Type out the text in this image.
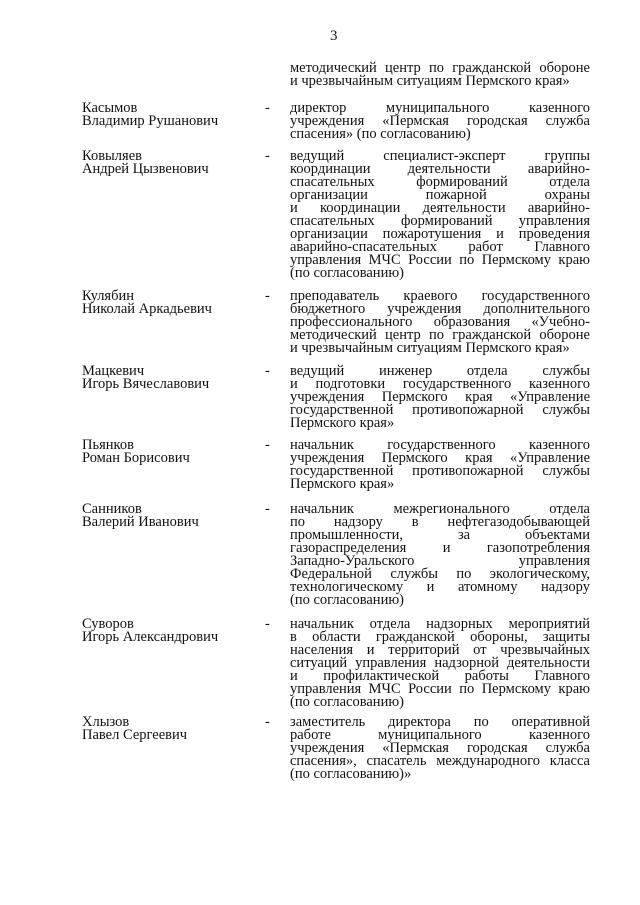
3
методический центр по гражданской обороне
и чрезвычайным ситуациям Пермского края»
Касымов
Владимир Рушанович
- директор муниципального казенного
учреждения «Пермская городская служба
спасения» (по согласованию)
Ковыляев
Андрей Цызвенович
- ведущий специалист-эксперт группы
координации деятельности аварийно-
спасательных формирований отдела
организации пожарной охраны
и координации деятельности аварийно-
спасательных формирований управления
организации пожаротушения и проведения
аварийно-спасательных работ Главного
управления МЧС России по Пермскому краю
(по согласованию)
Кулябин
Николай Аркадьевич
- преподаватель краевого государственного
бюджетного учреждения дополнительного
профессионального образования «Учебно-
методический центр по гражданской обороне
и чрезвычайным ситуациям Пермского края»
Мацкевич
Игорь Вячеславович
- ведущий инженер отдела службы
и подготовки государственного казенного
учреждения Пермского края «Управление
государственной противопожарной службы
Пермского края»
Пьянков
Роман Борисович
- начальник государственного казенного
учреждения Пермского края «Управление
государственной противопожарной службы
Пермского края»
Санников
Валерий Иванович
- начальник межрегионального отдела
по надзору в нефтегазодобывающей
промышленности, за объектами
газораспределения и газопотребления
Западно-Уральского управления
Федеральной службы по экологическому,
технологическому и атомному надзору
(по согласованию)
Суворов
Игорь Александрович
- начальник отдела надзорных мероприятий
в области гражданской обороны, защиты
населения и территорий от чрезвычайных
ситуаций управления надзорной деятельности
и профилактической работы Главного
управления МЧС России по Пермскому краю
(по согласованию)
Хлызов
Павел Сергеевич
- заместитель директора по оперативной
работе муниципального казенного
учреждения «Пермская городская служба
спасения», спасатель международного класса
(по согласованию)»
